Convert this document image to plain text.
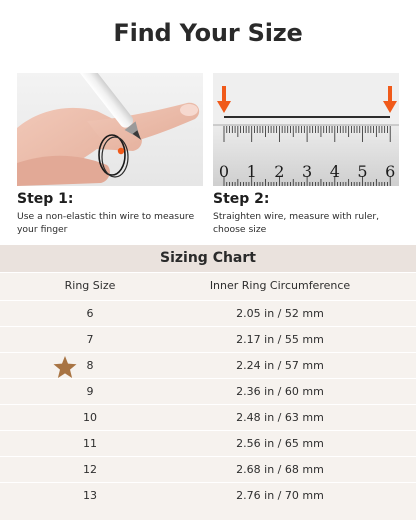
Find Your Size
0 1 2 3 4 5 6
Step 1:
Use a non-elastic thin wire to measure your finger
Step 2:
Straighten wire, measure with ruler, choose size
Sizing Chart
Ring Size	Inner Ring Circumference
6	2.05 in / 52 mm
7	2.17 in / 55 mm
8	2.24 in / 57 mm
9	2.36 in / 60 mm
10	2.48 in / 63 mm
11	2.56 in / 65 mm
12	2.68 in / 68 mm
13	2.76 in / 70 mm
